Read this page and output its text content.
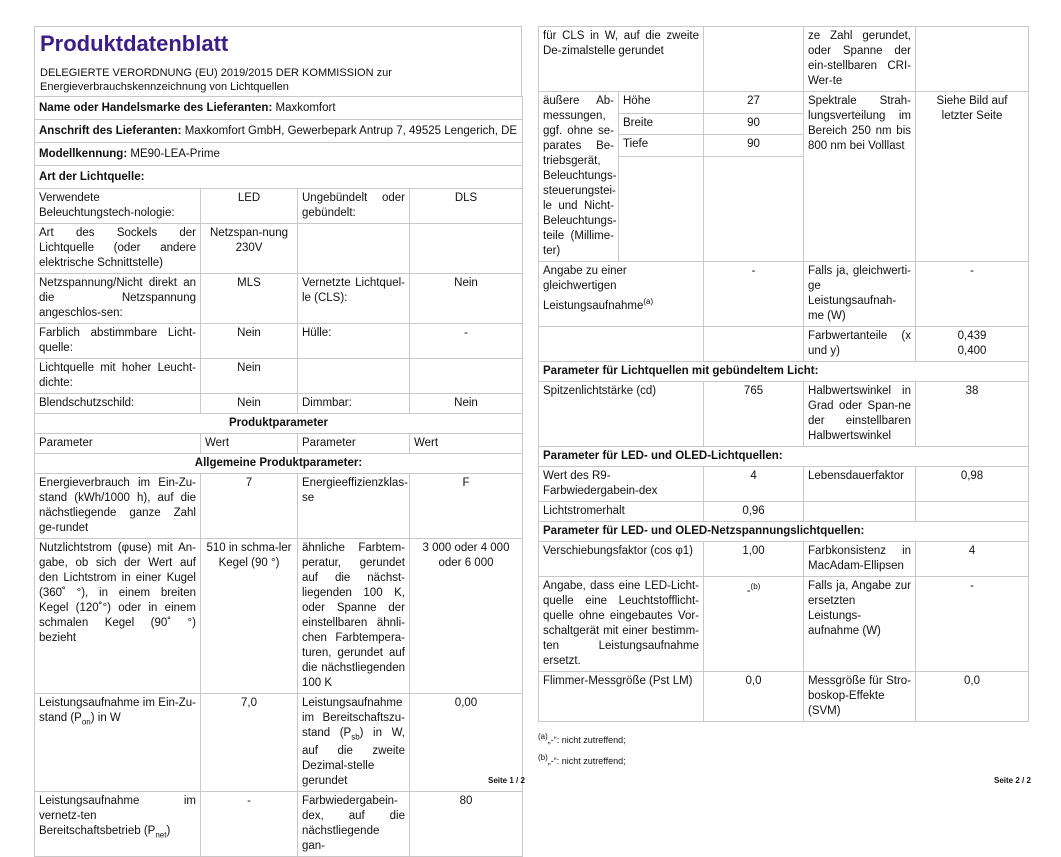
Produktdatenblatt

DELEGIERTE VERORDNUNG (EU) 2019/2015 DER KOMMISSION zur Energieverbrauchskennzeichnung von Lichtquellen

Name oder Handelsmarke des Lieferanten: Maxkomfort			
Anschrift des Lieferanten: Maxkomfort GmbH, Gewerbepark Antrup 7, 49525 Lengerich, DE			
Modellkennung: ME90-LEA-Prime			
Art der Lichtquelle:			
Verwendete Beleuchtungstech-nologie:	LED	Ungebündelt oder gebündelt:	DLS
Art des Sockels der Lichtquelle (oder andere elektrische Schnittstelle)	Netzspan-nung 230V		
Netzspannung/Nicht direkt an die Netzspannung angeschlos-sen:	MLS	Vernetzte Lichtquel-le (CLS):	Nein
Farblich abstimmbare Licht-quelle:	Nein	Hülle:	-
Lichtquelle mit hoher Leucht-dichte:	Nein		
Blendschutzschild:	Nein	Dimmbar:	Nein
Produktparameter			
Parameter	Wert	Parameter	Wert
Allgemeine Produktparameter:			
Energieverbrauch im Ein-Zu-stand (kWh/1000 h), auf die nächstliegende ganze Zahl ge-rundet	7	Energieeffizienzklas-se	F
Nutzlichtstrom (φuse) mit An-gabe, ob sich der Wert auf den Lichtstrom in einer Kugel (360˚ °), in einem breiten Kegel (120˚°) oder in einem schmalen Kegel (90˚ °) bezieht	510 in schma-ler Kegel (90 °)	ähnliche Farbtem-peratur, gerundet auf die nächst-liegenden 100 K, oder Spanne der einstellbaren ähnli-chen Farbtempera-turen, gerundet auf die nächstliegenden 100 K	3 000 oder 4 000 oder 6 000
Leistungsaufnahme im Ein-Zu-stand $(P_{on})$ in W	7,0	Leistungsaufnahme im Bereitschaftszu-stand $(P_{sb})$ in W, auf die zweite Dezimal-stelle gerundet	0,00
Leistungsaufnahme im vernetz-ten Bereitschaftsbetrieb $(P_{net})$	-	Farbwiedergabein-dex, auf die nächstliegende gan-	80
Seite 1 / 2
für CLS in W, auf die zweite De-zimalstelle gerundet			ze Zahl gerundet, oder Spanne der ein-stellbaren CRI-Wer-te	
äußere Ab-messungen, ggf. ohne se-parates Be-triebsgerät, Beleuchtungs-steuerungstei-le und Nicht-Beleuchtungs-teile (Millime-ter)	Höhe	27	Spektrale Strah-lungsverteilung im Bereich 250 nm bis 800 nm bei Volllast	Siehe Bild auf letzter Seite
	Breite	90		
	Tiefe	90		

Angabe zu einer gleichwertigen Leistungsaufnahme$^{(a)}$		-	Falls ja, gleichwerti-ge Leistungsaufnah-me (W)	-
			Farbwertanteile (x und y)	0,439
0,400

Parameter für Lichtquellen mit gebündeltem Licht:				
Spitzenlichtstärke (cd)		765	Halbwertswinkel in Grad oder Span-ne der einstellbaren Halbwertswinkel	38
Parameter für LED- und OLED-Lichtquellen:				
Wert des R9-Farbwiedergabein-dex		4	Lebensdauerfaktor	0,98
Lichtstromerhalt		0,96		
Parameter für LED- und OLED-Netzspannungslichtquellen:				
Verschiebungsfaktor (cos φ1)		1,00	Farbkonsistenz in MacAdam-Ellipsen	4
Angabe, dass eine LED-Licht-quelle eine Leuchtstofflicht-quelle ohne eingebautes Vor-schaltgerät mit einer bestimm-ten Leistungsaufnahme ersetzt.		-$^{(b)}$	Falls ja, Angabe zur ersetzten Leistungs-aufnahme (W)	-
Flimmer-Messgröße (Pst LM)		0,0	Messgröße für Stro-boskop-Effekte (SVM)	0,0
$^{(a)}$„-“: nicht zutreffend;
$^{(b)}$„-“: nicht zutreffend;
Seite 2 / 2
